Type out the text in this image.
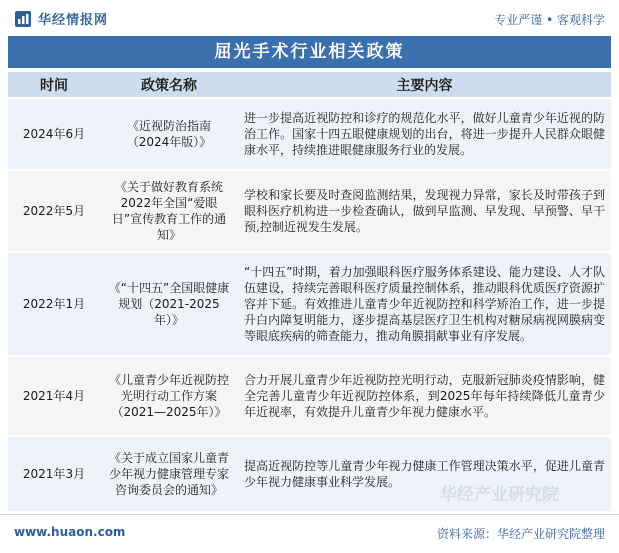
华经情报网	专业严谨 • 客观科学
屈光手术行业相关政策
时间	政策名称	主要内容
2024年6月	《近视防治指南（2024年版）》	进一步提高近视防控和诊疗的规范化水平，做好儿童青少年近视的防治工作。国家十四五眼健康规划的出台，将进一步提升人民群众眼健康水平，持续推进眼健康服务行业的发展。
2022年5月	《关于做好教育系统2022年全国“爱眼日”宣传教育工作的通知》	学校和家长要及时查阅监测结果，发现视力异常，家长及时带孩子到眼科医疗机构进一步检查确认，做到早监测、早发现、早预警、早干预,控制近视发生发展。
2022年1月	《“十四五”全国眼健康规划（2021-2025年）》	“十四五”时期，着力加强眼科医疗服务体系建设、能力建设、人才队伍建设，持续完善眼科医疗质量控制体系，推动眼科优质医疗资源扩容并下延。有效推进儿童青少年近视防控和科学矫治工作，进一步提升白内障复明能力，逐步提高基层医疗卫生机构对糖尿病视网膜病变等眼底疾病的筛查能力，推动角膜捐献事业有序发展。
2021年4月	《儿童青少年近视防控光明行动工作方案（2021—2025年）》	合力开展儿童青少年近视防控光明行动，克服新冠肺炎疫情影响，健全完善儿童青少年近视防控体系，到2025年每年持续降低儿童青少年近视率，有效提升儿童青少年视力健康水平。
2021年3月	《关于成立国家儿童青少年视力健康管理专家咨询委员会的通知》	提高近视防控等儿童青少年视力健康工作管理决策水平，促进儿童青少年视力健康事业科学发展。
华经产业研究院
www.huaon.com	资料来源：华经产业研究院整理
